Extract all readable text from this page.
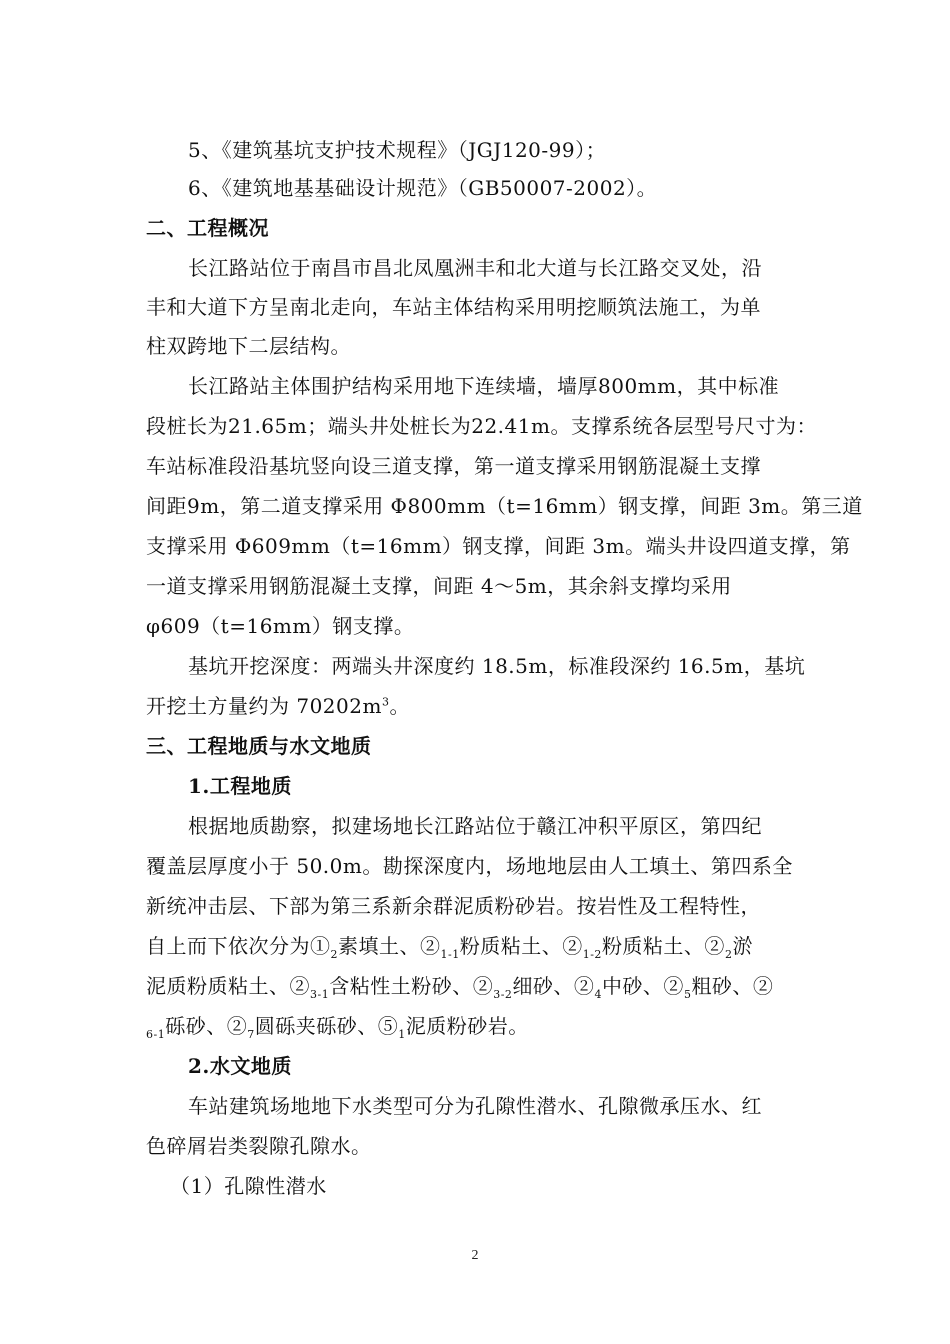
5、《建筑基坑支护技术规程》（JGJ120-99）；
6、《建筑地基基础设计规范》（GB50007-2002）。
二、工程概况
长江路站位于南昌市昌北凤凰洲丰和北大道与长江路交叉处，沿
丰和大道下方呈南北走向，车站主体结构采用明挖顺筑法施工，为单
柱双跨地下二层结构。
长江路站主体围护结构采用地下连续墙，墙厚800mm，其中标准
段桩长为21.65m；端头井处桩长为22.41m。支撑系统各层型号尺寸为：
车站标准段沿基坑竖向设三道支撑，第一道支撑采用钢筋混凝土支撑
间距9m，第二道支撑采用 Φ800mm（t=16mm）钢支撑，间距 3m。第三道
支撑采用 Φ609mm（t=16mm）钢支撑，间距 3m。端头井设四道支撑，第
一道支撑采用钢筋混凝土支撑，间距 4～5m，其余斜支撑均采用
φ609（t=16mm）钢支撑。
基坑开挖深度：两端头井深度约 18.5m，标准段深约 16.5m，基坑
开挖土方量约为 $70202m^3$。
三、工程地质与水文地质
1.工程地质
根据地质勘察，拟建场地长江路站位于赣江冲积平原区，第四纪
覆盖层厚度小于 50.0m。勘探深度内，场地地层由人工填土、第四系全
新统冲击层、下部为第三系新余群泥质粉砂岩。按岩性及工程特性，
自上而下依次分为$①_2$素填土、$②_{1-1}$粉质粘土、$②_{1-2}$粉质粘土、$②_2$淤
泥质粉质粘土、$②_{3-1}$含粘性土粉砂、$②_{3-2}$细砂、$②_4$中砂、$②_5$粗砂、②
$_{6-1}$砾砂、$②_7$圆砾夹砾砂、$⑤_1$泥质粉砂岩。
2.水文地质
车站建筑场地地下水类型可分为孔隙性潜水、孔隙微承压水、红
色碎屑岩类裂隙孔隙水。
（1）孔隙性潜水
2
